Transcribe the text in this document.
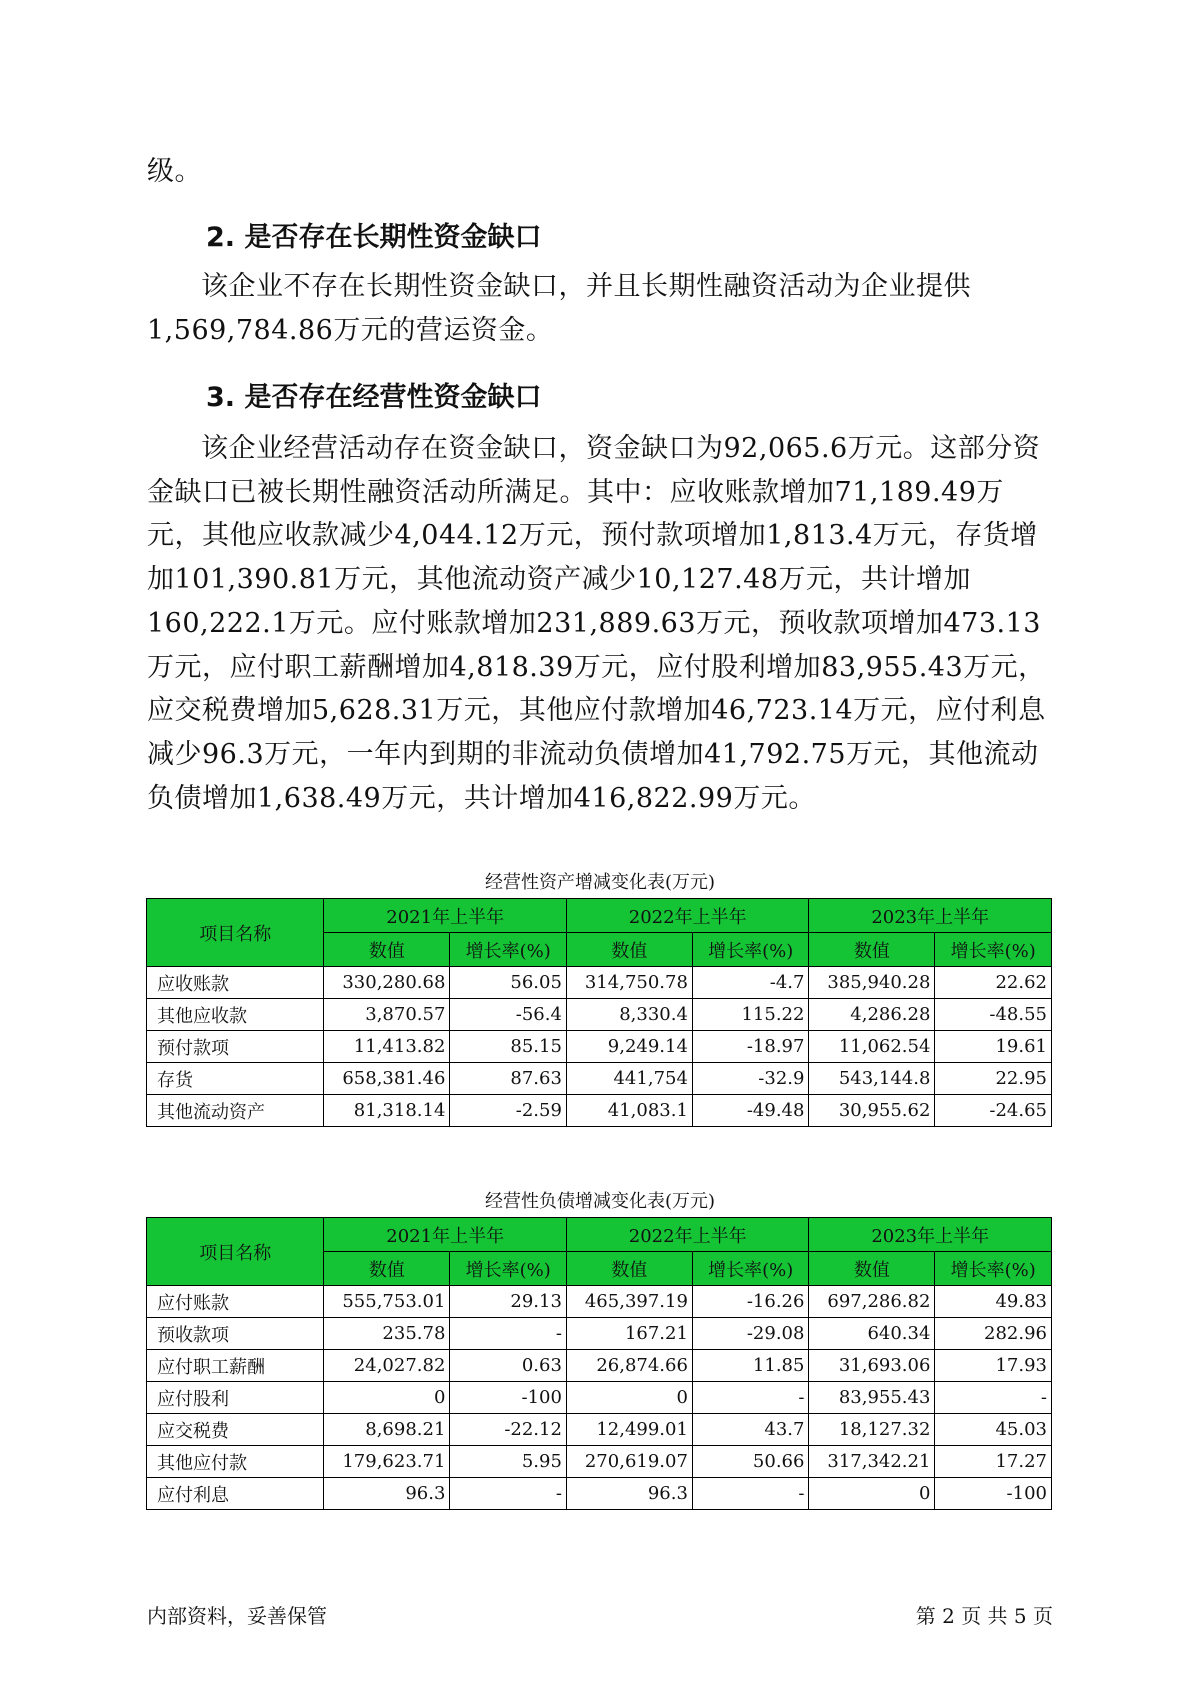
级。

2. 是否存在长期性资金缺口

该企业不存在长期性资金缺口，并且长期性融资活动为企业提供1,569,784.86万元的营运资金。

3. 是否存在经营性资金缺口

该企业经营活动存在资金缺口，资金缺口为92,065.6万元。这部分资金缺口已被长期性融资活动所满足。其中：应收账款增加71,189.49万元，其他应收款减少4,044.12万元，预付款项增加1,813.4万元，存货增加101,390.81万元，其他流动资产减少10,127.48万元，共计增加160,222.1万元。应付账款增加231,889.63万元，预收款项增加473.13万元，应付职工薪酬增加4,818.39万元，应付股利增加83,955.43万元，应交税费增加5,628.31万元，其他应付款增加46,723.14万元，应付利息减少96.3万元，一年内到期的非流动负债增加41,792.75万元，其他流动负债增加1,638.49万元，共计增加416,822.99万元。

经营性资产增减变化表(万元)
项目名称	2021年上半年		2022年上半年		2023年上半年	
	数值	增长率(%)	数值	增长率(%)	数值	增长率(%)
应收账款	330,280.68	56.05	314,750.78	-4.7	385,940.28	22.62
其他应收款	3,870.57	-56.4	8,330.4	115.22	4,286.28	-48.55
预付款项	11,413.82	85.15	9,249.14	-18.97	11,062.54	19.61
存货	658,381.46	87.63	441,754	-32.9	543,144.8	22.95
其他流动资产	81,318.14	-2.59	41,083.1	-49.48	30,955.62	-24.65
经营性负债增减变化表(万元)
项目名称	2021年上半年		2022年上半年		2023年上半年	
	数值	增长率(%)	数值	增长率(%)	数值	增长率(%)
应付账款	555,753.01	29.13	465,397.19	-16.26	697,286.82	49.83
预收款项	235.78	-	167.21	-29.08	640.34	282.96
应付职工薪酬	24,027.82	0.63	26,874.66	11.85	31,693.06	17.93
应付股利	0	-100	0	-	83,955.43	-
应交税费	8,698.21	-22.12	12,499.01	43.7	18,127.32	45.03
其他应付款	179,623.71	5.95	270,619.07	50.66	317,342.21	17.27
应付利息	96.3	-	96.3	-	0	-100
内部资料，妥善保管	第 2 页 共 5 页
